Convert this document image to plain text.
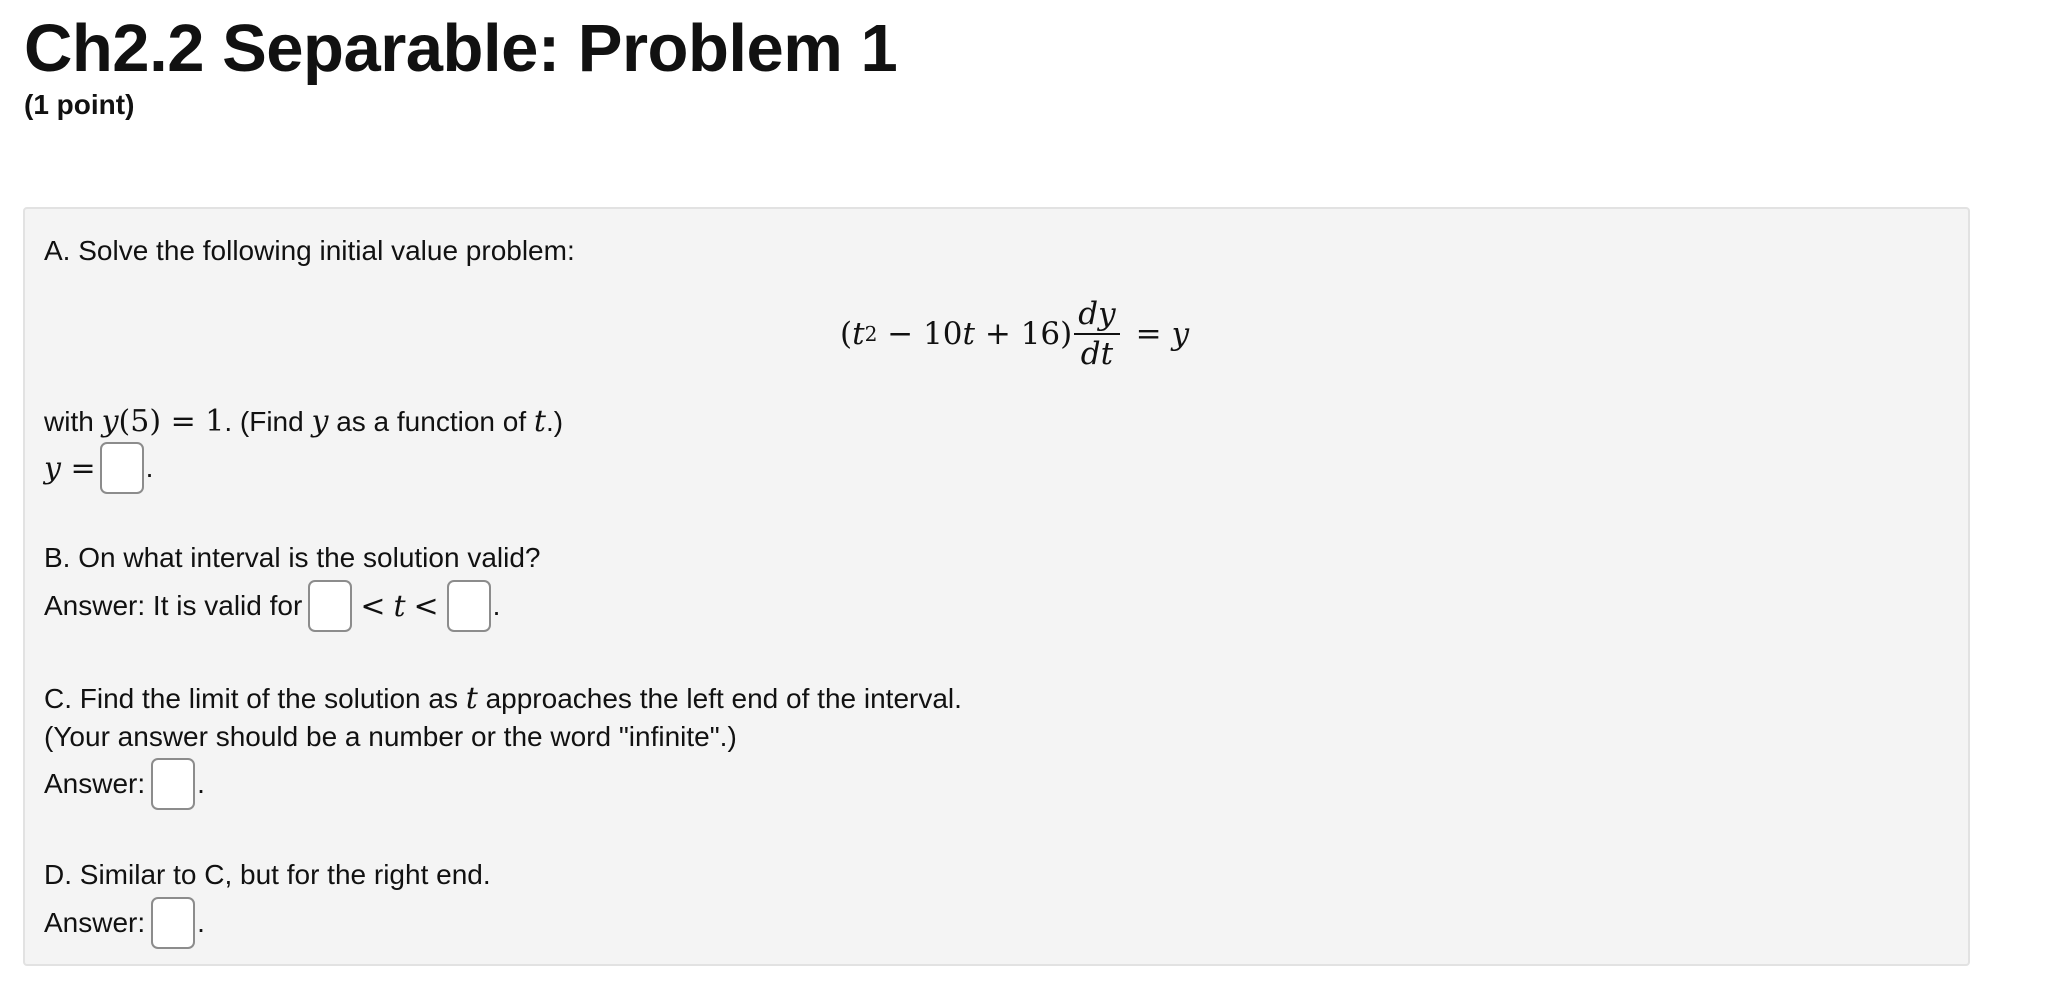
Ch2.2 Separable: Problem 1
(1 point)
A. Solve the following initial value problem:
( t 2 − 10 $t + 16) \frac{dy}{dt} = y$
with y (5) = 1 . (Find y as a function of t .)
y = .
B. On what interval is the solution valid?
Answer: It is valid for < t < .
C. Find the limit of the solution as t approaches the left end of the interval.
(Your answer should be a number or the word "infinite".)
Answer: .
D. Similar to C, but for the right end.
Answer: .
